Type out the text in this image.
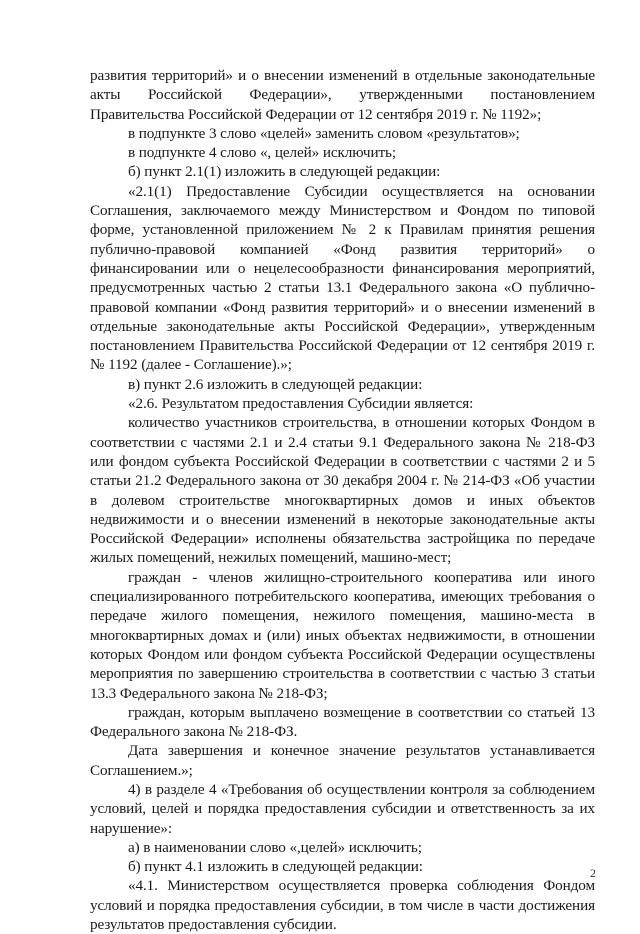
развития территорий» и о внесении изменений в отдельные законодательные акты Российской Федерации», утвержденными постановлением Правительства Российской Федерации от 12 сентября 2019 г. № 1192»;

в подпункте 3 слово «целей» заменить словом «результатов»;

в подпункте 4 слово «, целей» исключить;

б) пункт 2.1(1) изложить в следующей редакции:

«2.1(1) Предоставление Субсидии осуществляется на основании Соглашения, заключаемого между Министерством и Фондом по типовой форме, установленной приложением № 2 к Правилам принятия решения публично-правовой компанией «Фонд развития территорий» о финансировании или о нецелесообразности финансирования мероприятий, предусмотренных частью 2 статьи 13.1 Федерального закона «О публично-правовой компании «Фонд развития территорий» и о внесении изменений в отдельные законодательные акты Российской Федерации», утвержденным постановлением Правительства Российской Федерации от 12 сентября 2019 г. № 1192 (далее - Соглашение).»;

в) пункт 2.6 изложить в следующей редакции:

«2.6. Результатом предоставления Субсидии является:

количество участников строительства, в отношении которых Фондом в соответствии с частями 2.1 и 2.4 статьи 9.1 Федерального закона № 218-ФЗ или фондом субъекта Российской Федерации в соответствии с частями 2 и 5 статьи 21.2 Федерального закона от 30 декабря 2004 г. № 214-ФЗ «Об участии в долевом строительстве многоквартирных домов и иных объектов недвижимости и о внесении изменений в некоторые законодательные акты Российской Федерации» исполнены обязательства застройщика по передаче жилых помещений, нежилых помещений, машино-мест;

граждан - членов жилищно-строительного кооператива или иного специализированного потребительского кооператива, имеющих требования о передаче жилого помещения, нежилого помещения, машино-места в многоквартирных домах и (или) иных объектах недвижимости, в отношении которых Фондом или фондом субъекта Российской Федерации осуществлены мероприятия по завершению строительства в соответствии с частью 3 статьи 13.3 Федерального закона № 218-ФЗ;

граждан, которым выплачено возмещение в соответствии со статьей 13 Федерального закона № 218-ФЗ.

Дата завершения и конечное значение результатов устанавливается Соглашением.»;

4) в разделе 4 «Требования об осуществлении контроля за соблюдением условий, целей и порядка предоставления субсидии и ответственность за их нарушение»:

а) в наименовании слово «,целей» исключить;

б) пункт 4.1 изложить в следующей редакции:

«4.1. Министерством осуществляется проверка соблюдения Фондом условий и порядка предоставления субсидии, в том числе в части достижения результатов предоставления субсидии.

2
